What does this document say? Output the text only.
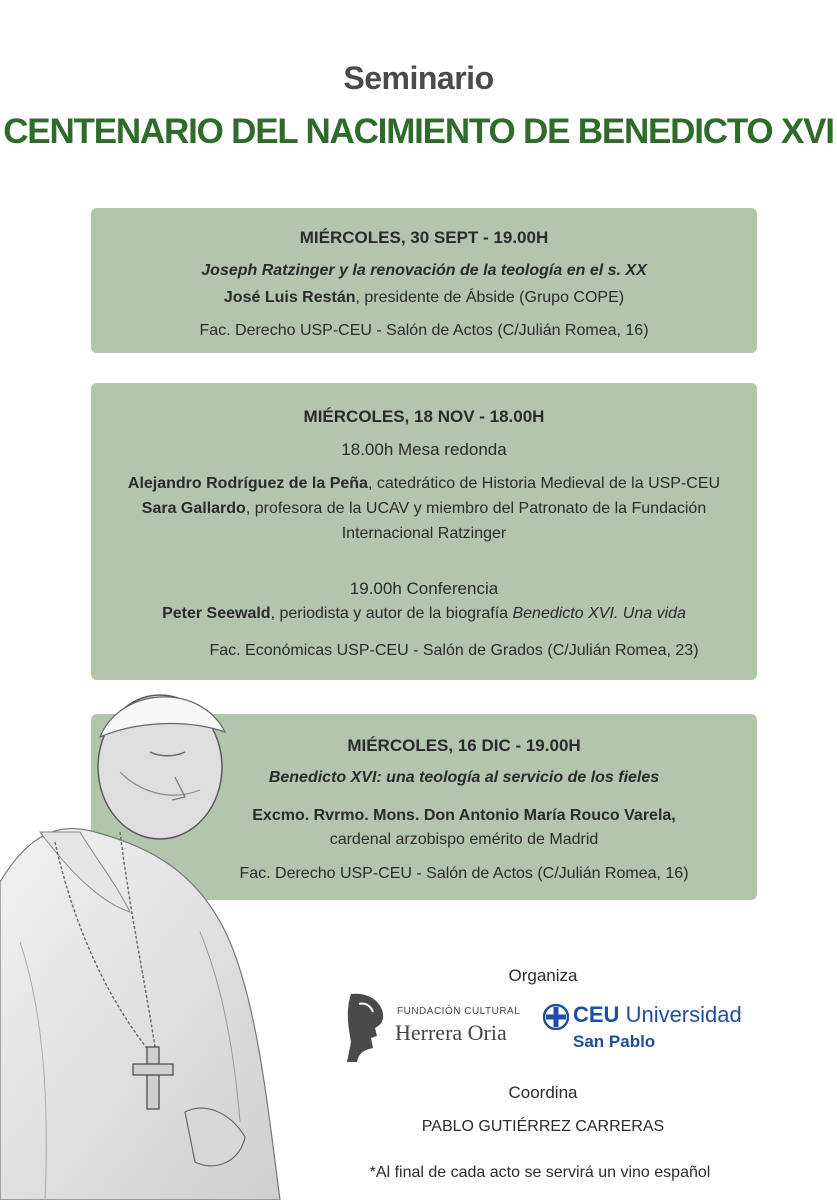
Seminario
CENTENARIO DEL NACIMIENTO DE BENEDICTO XVI
MIÉRCOLES, 30 SEPT - 19.00H
Joseph Ratzinger y la renovación de la teología en el s. XX
José Luis Restán, presidente de Ábside (Grupo COPE)
Fac. Derecho USP-CEU - Salón de Actos (C/Julián Romea, 16)
MIÉRCOLES, 18 NOV - 18.00H
18.00h Mesa redonda
Alejandro Rodríguez de la Peña, catedrático de Historia Medieval de la USP-CEU
Sara Gallardo, profesora de la UCAV y miembro del Patronato de la Fundación
Internacional Ratzinger
19.00h Conferencia
Peter Seewald, periodista y autor de la biografía Benedicto XVI. Una vida
Fac. Económicas USP-CEU - Salón de Grados (C/Julián Romea, 23)
MIÉRCOLES, 16 DIC - 19.00H
Benedicto XVI: una teología al servicio de los fieles
Excmo. Rvrmo. Mons. Don Antonio María Rouco Varela,
cardenal arzobispo emérito de Madrid
Fac. Derecho USP-CEU - Salón de Actos (C/Julián Romea, 16)
Organiza
FUNDACIÓN CULTURAL
Herrera Oria
CEU Universidad
San Pablo
Coordina
PABLO GUTIÉRREZ CARRERAS
*Al final de cada acto se servirá un vino español
